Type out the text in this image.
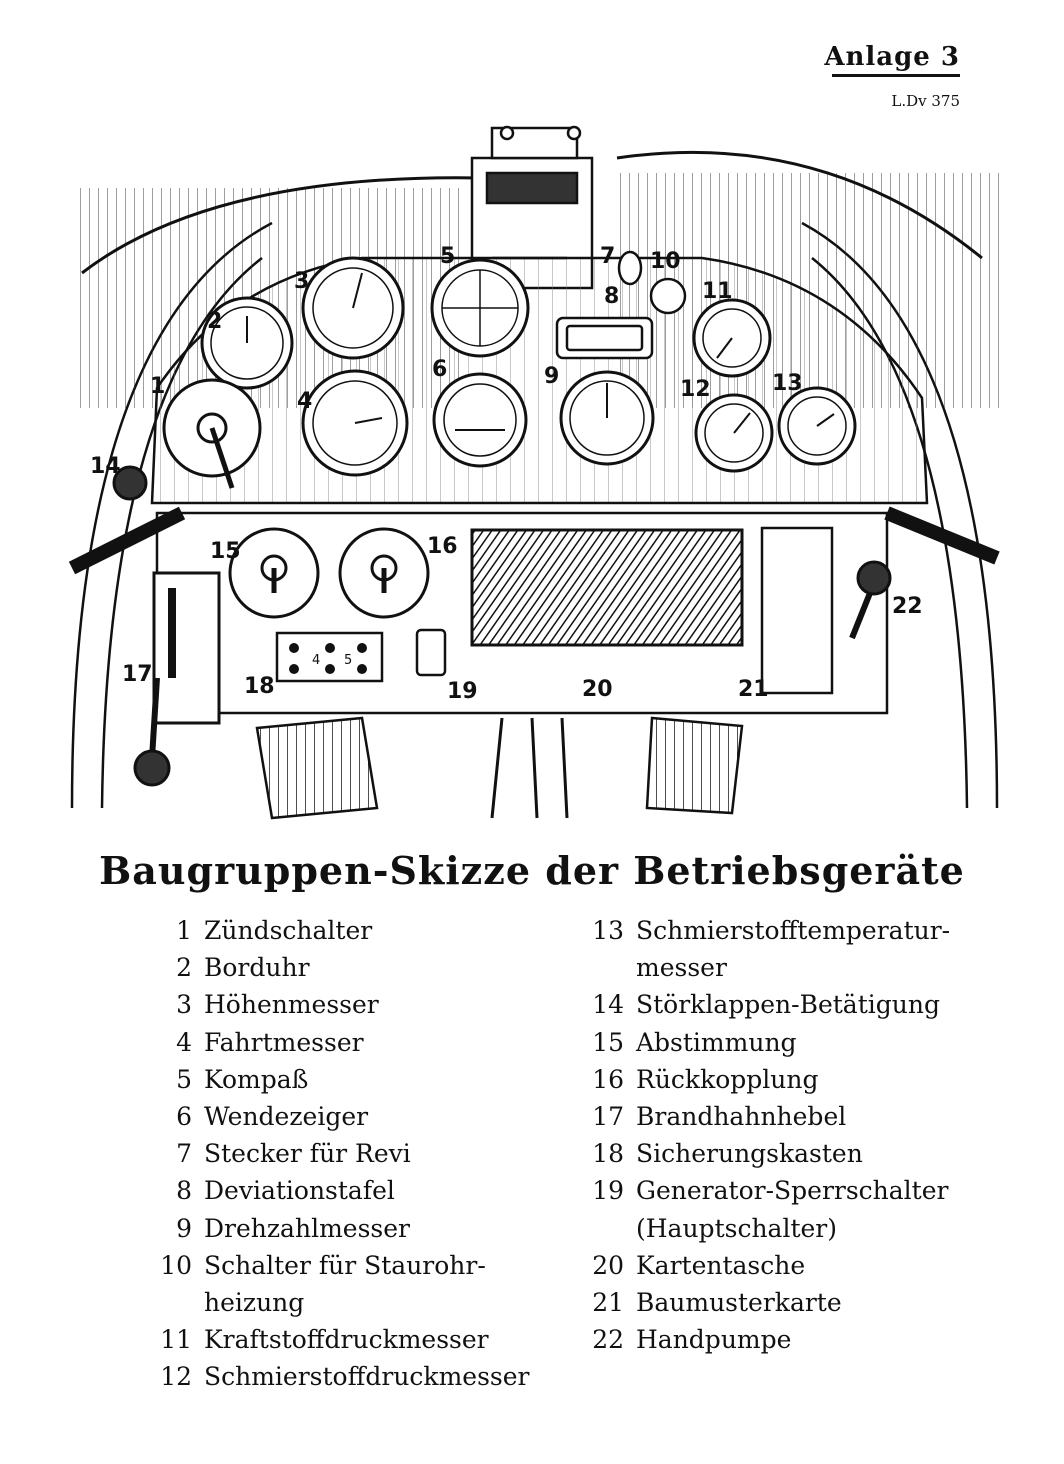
Anlage 3
L.Dv 375
4 5
1
2
3
4
5
6
7
8
9
10
11
12	13
14
15	16
17	18	19	20	21
22
Baugruppen-Skizze der Betriebsgeräte
1 Zündschalter
2 Borduhr
3 Höhenmesser
4 Fahrtmesser
5 Kompaß
6 Wendezeiger
7 Stecker für Revi
8 Deviationstafel
9 Drehzahlmesser
10 Schalter für Staurohr-
heizung
11 Kraftstoffdruckmesser
12 Schmierstoffdruckmesser
13 Schmierstofftemperatur-
messer
14 Störklappen-Betätigung
15 Abstimmung
16 Rückkopplung
17 Brandhahnhebel
18 Sicherungskasten
19 Generator-Sperrschalter
(Hauptschalter)
20 Kartentasche
21 Baumusterkarte
22 Handpumpe
